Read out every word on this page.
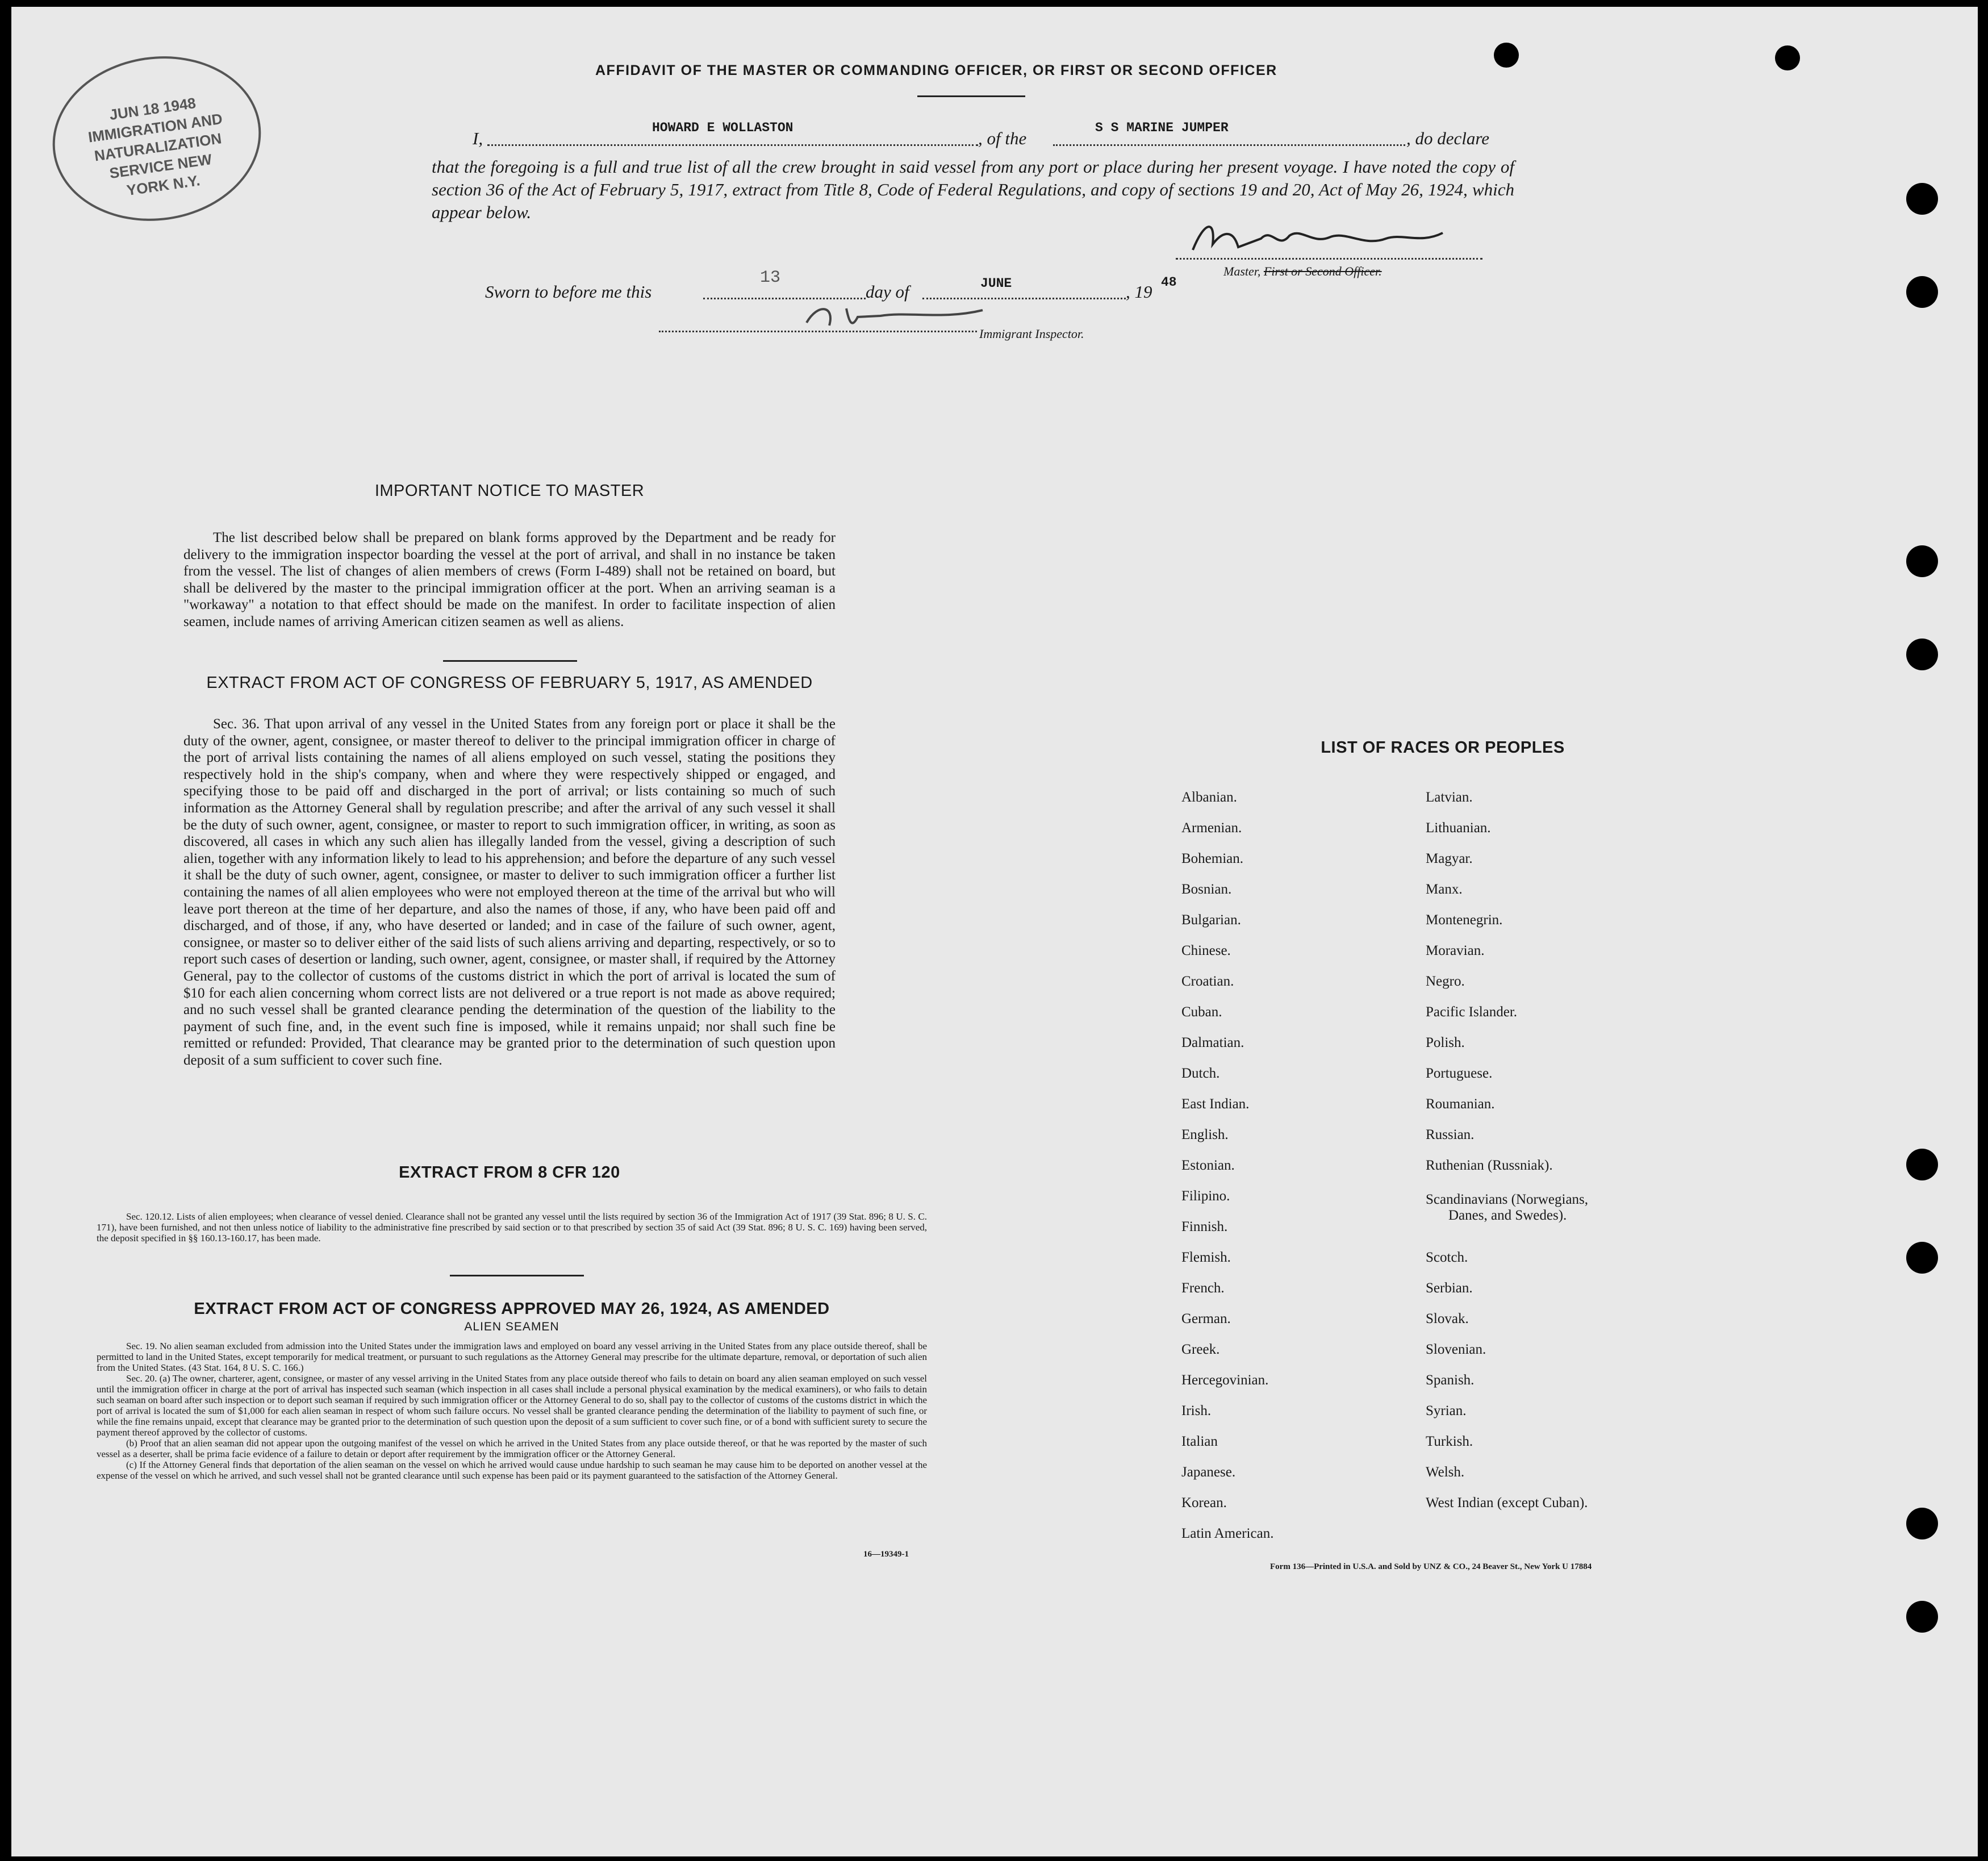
JUN 18 1948 IMMIGRATION AND NATURALIZATION SERVICE NEW YORK N.Y.
AFFIDAVIT OF THE MASTER OR COMMANDING OFFICER, OR FIRST OR SECOND OFFICER
I,
HOWARD E WOLLASTON
, of the
S S MARINE JUMPER
, do declare
that the foregoing is a full and true list of all the crew brought in said vessel from any port or place during her present voyage. I have noted the copy of section 36 of the Act of February 5, 1917, extract from Title 8, Code of Federal Regulations, and copy of sections 19 and 20, Act of May 26, 1924, which appear below.
Master, First or Second Officer.
Sworn to before me this
13
day of	JUNE	, 19 48
Immigrant Inspector.
IMPORTANT NOTICE TO MASTER

The list described below shall be prepared on blank forms approved by the Department and be ready for delivery to the immigration inspector boarding the vessel at the port of arrival, and shall in no instance be taken from the vessel. The list of changes of alien members of crews (Form I-489) shall not be retained on board, but shall be delivered by the master to the principal immigration officer at the port. When an arriving seaman is a "workaway" a notation to that effect should be made on the manifest. In order to facilitate inspection of alien seamen, include names of arriving American citizen seamen as well as aliens.

EXTRACT FROM ACT OF CONGRESS OF FEBRUARY 5, 1917, AS AMENDED

Sec. 36. That upon arrival of any vessel in the United States from any foreign port or place it shall be the duty of the owner, agent, consignee, or master thereof to deliver to the principal immigration officer in charge of the port of arrival lists containing the names of all aliens employed on such vessel, stating the positions they respectively hold in the ship's company, when and where they were respectively shipped or engaged, and specifying those to be paid off and discharged in the port of arrival; or lists containing so much of such information as the Attorney General shall by regulation prescribe; and after the arrival of any such vessel it shall be the duty of such owner, agent, consignee, or master to report to such immigration officer, in writing, as soon as discovered, all cases in which any such alien has illegally landed from the vessel, giving a description of such alien, together with any information likely to lead to his apprehension; and before the departure of any such vessel it shall be the duty of such owner, agent, consignee, or master to deliver to such immigration officer a further list containing the names of all alien employees who were not employed thereon at the time of the arrival but who will leave port thereon at the time of her departure, and also the names of those, if any, who have been paid off and discharged, and of those, if any, who have deserted or landed; and in case of the failure of such owner, agent, consignee, or master so to deliver either of the said lists of such aliens arriving and departing, respectively, or so to report such cases of desertion or landing, such owner, agent, consignee, or master shall, if required by the Attorney General, pay to the collector of customs of the customs district in which the port of arrival is located the sum of $10 for each alien concerning whom correct lists are not delivered or a true report is not made as above required; and no such vessel shall be granted clearance pending the determination of the question of the liability to the payment of such fine, and, in the event such fine is imposed, while it remains unpaid; nor shall such fine be remitted or refunded: Provided, That clearance may be granted prior to the determination of such question upon deposit of a sum sufficient to cover such fine.

EXTRACT FROM 8 CFR 120

Sec. 120.12. Lists of alien employees; when clearance of vessel denied. Clearance shall not be granted any vessel until the lists required by section 36 of the Immigration Act of 1917 (39 Stat. 896; 8 U. S. C. 171), have been furnished, and not then unless notice of liability to the administrative fine prescribed by said section or to that prescribed by section 35 of said Act (39 Stat. 896; 8 U. S. C. 169) having been served, the deposit specified in §§ 160.13-160.17, has been made.

EXTRACT FROM ACT OF CONGRESS APPROVED MAY 26, 1924, AS AMENDED
ALIEN SEAMEN

Sec. 19. No alien seaman excluded from admission into the United States under the immigration laws and employed on board any vessel arriving in the United States from any place outside thereof, shall be permitted to land in the United States, except temporarily for medical treatment, or pursuant to such regulations as the Attorney General may prescribe for the ultimate departure, removal, or deportation of such alien from the United States. (43 Stat. 164, 8 U. S. C. 166.)

Sec. 20. (a) The owner, charterer, agent, consignee, or master of any vessel arriving in the United States from any place outside thereof who fails to detain on board any alien seaman employed on such vessel until the immigration officer in charge at the port of arrival has inspected such seaman (which inspection in all cases shall include a personal physical examination by the medical examiners), or who fails to detain such seaman on board after such inspection or to deport such seaman if required by such immigration officer or the Attorney General to do so, shall pay to the collector of customs of the customs district in which the port of arrival is located the sum of $1,000 for each alien seaman in respect of whom such failure occurs. No vessel shall be granted clearance pending the determination of the liability to payment of such fine, or while the fine remains unpaid, except that clearance may be granted prior to the determination of such question upon the deposit of a sum sufficient to cover such fine, or of a bond with sufficient surety to secure the payment thereof approved by the collector of customs.

(b) Proof that an alien seaman did not appear upon the outgoing manifest of the vessel on which he arrived in the United States from any place outside thereof, or that he was reported by the master of such vessel as a deserter, shall be prima facie evidence of a failure to detain or deport after requirement by the immigration officer or the Attorney General.

(c) If the Attorney General finds that deportation of the alien seaman on the vessel on which he arrived would cause undue hardship to such seaman he may cause him to be deported on another vessel at the expense of the vessel on which he arrived, and such vessel shall not be granted clearance until such expense has been paid or its payment guaranteed to the satisfaction of the Attorney General.

16—19349-1
LIST OF RACES OR PEOPLES
Albanian.
Armenian.
Bohemian.
Bosnian.
Bulgarian.
Chinese.
Croatian.
Cuban.
Dalmatian.
Dutch.
East Indian.
English.
Estonian.
Filipino.
Finnish.
Flemish.
French.
German.
Greek.
Hercegovinian.
Irish.
Italian
Japanese.
Korean.
Latin American.
Latvian.
Lithuanian.
Magyar.
Manx.
Montenegrin.
Moravian.
Negro.
Pacific Islander.
Polish.
Portuguese.
Roumanian.
Russian.
Ruthenian (Russniak).
Scandinavians (Norwegians,
Danes, and Swedes).
Scotch.
Serbian.
Slovak.
Slovenian.
Spanish.
Syrian.
Turkish.
Welsh.
West Indian (except Cuban).
Form 136—Printed in U.S.A. and Sold by UNZ & CO., 24 Beaver St., New York U 17884
